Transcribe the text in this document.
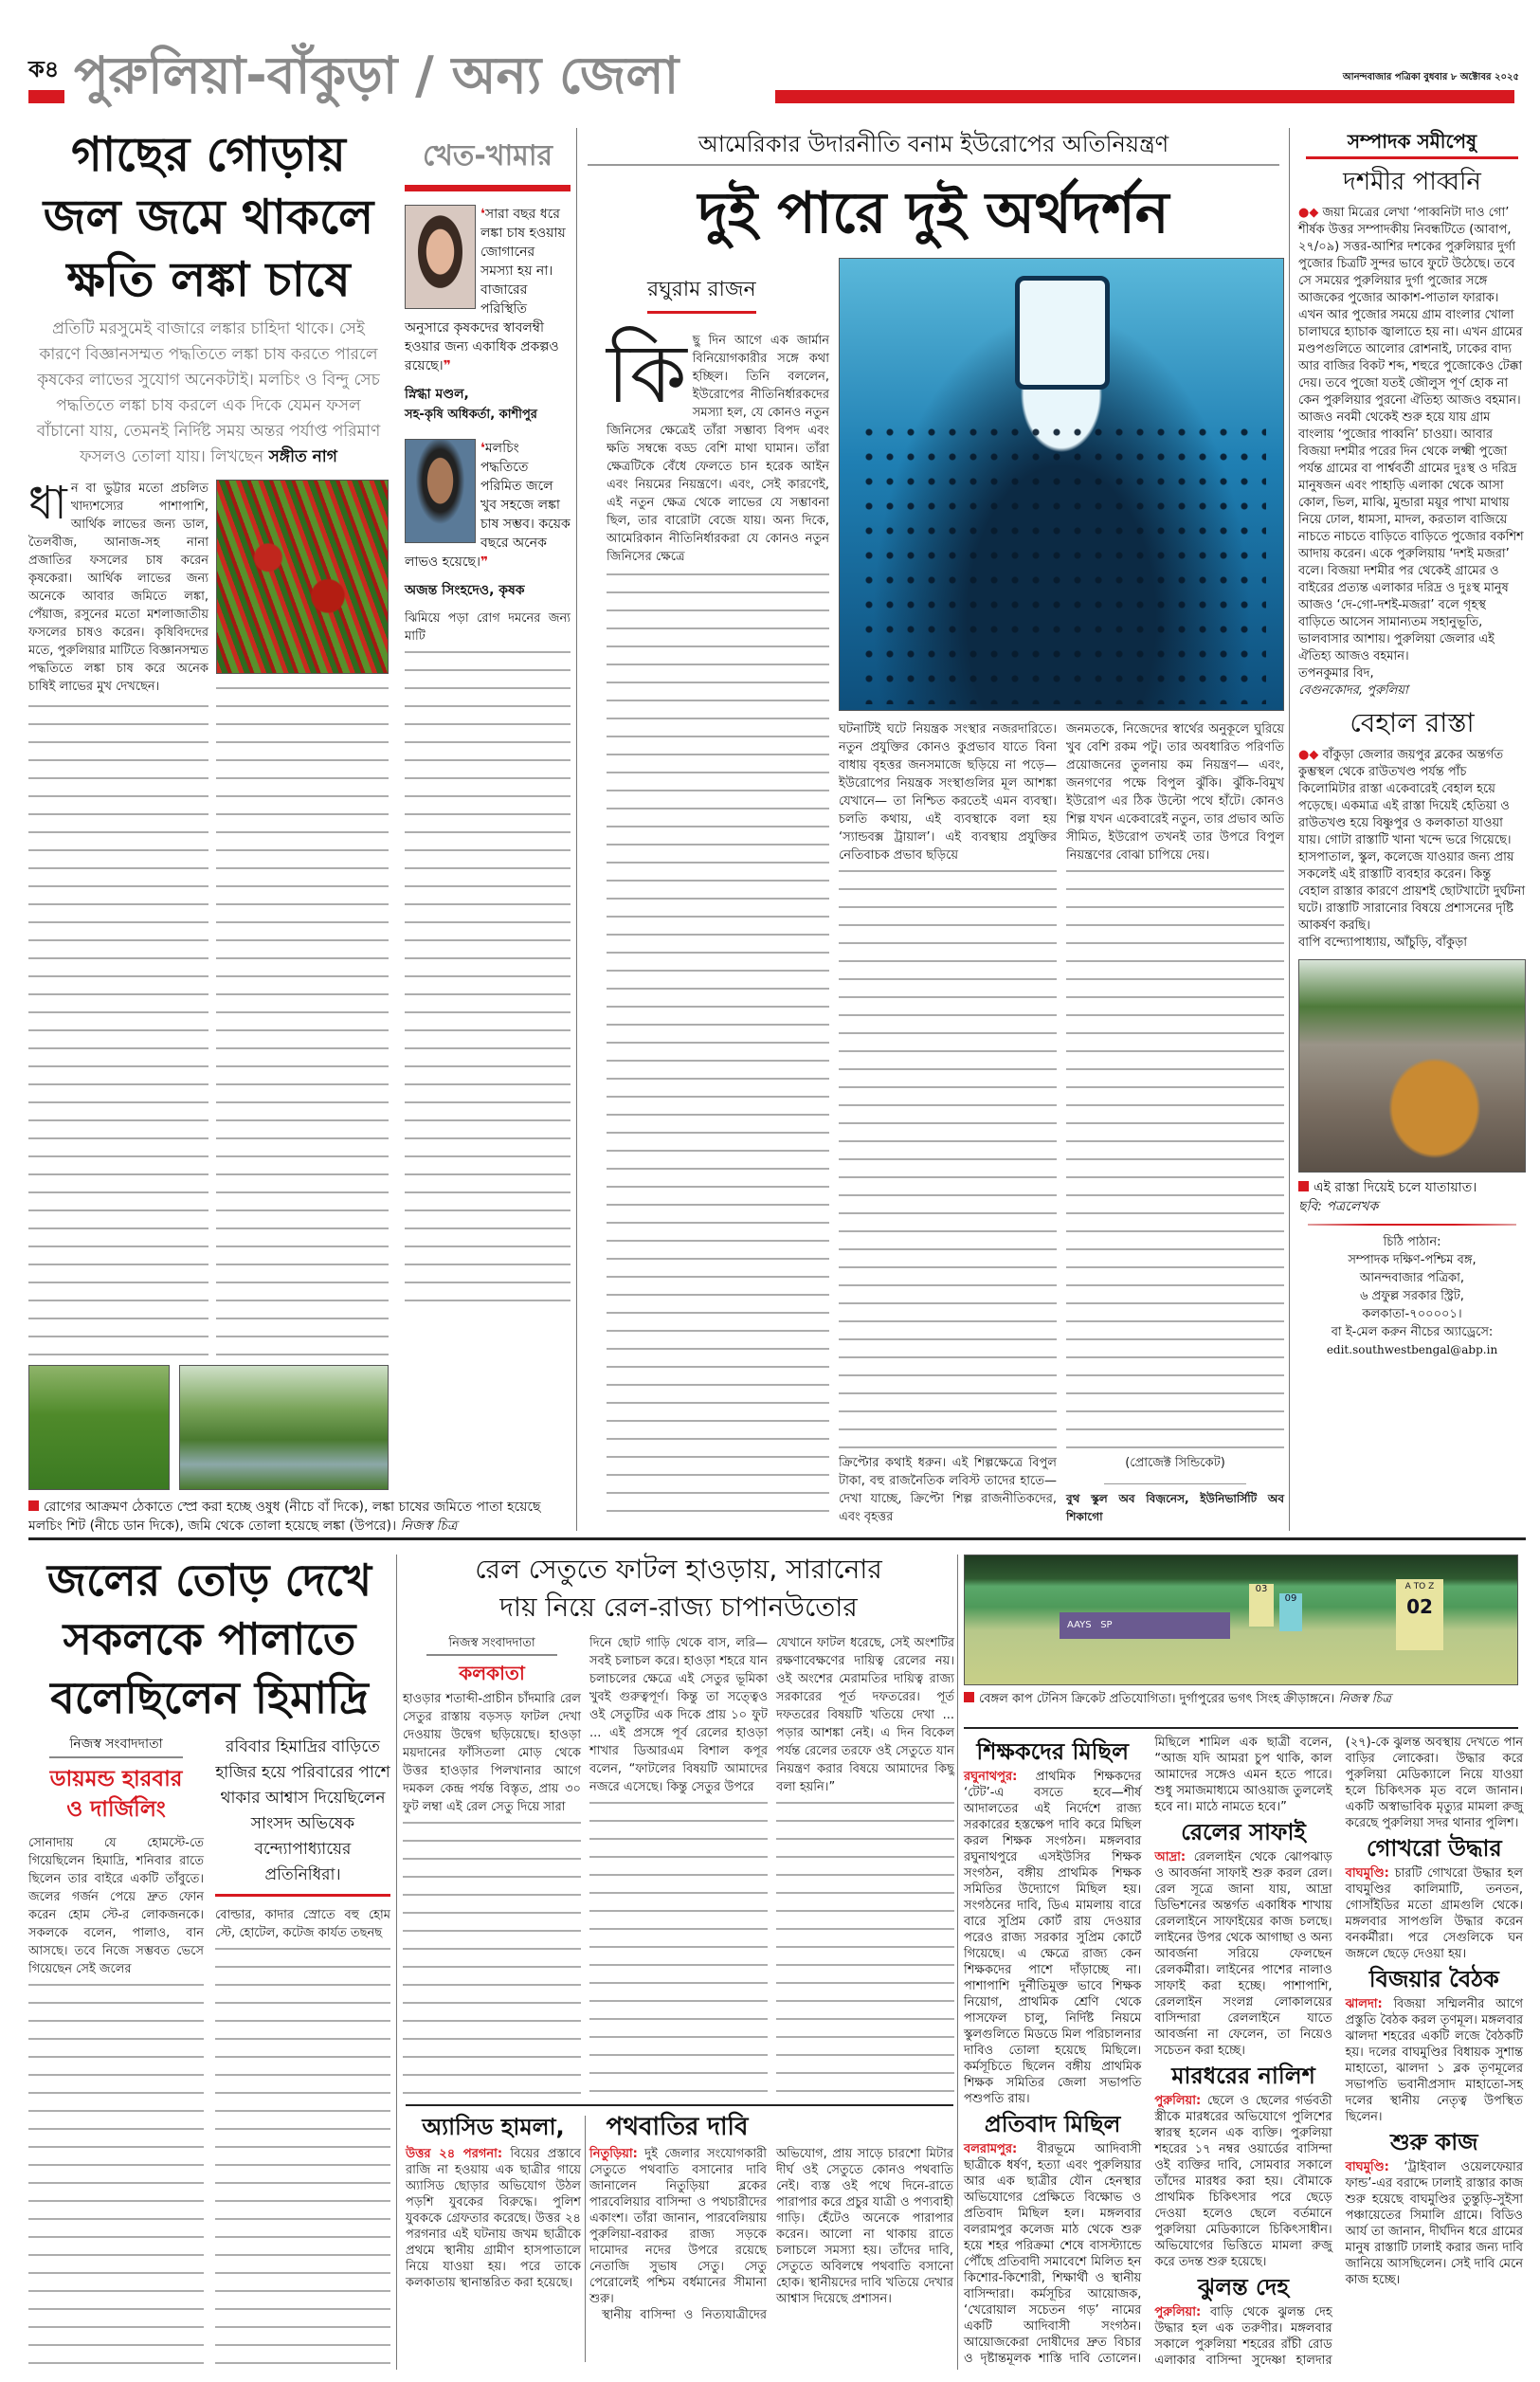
ক৪ পুরুলিয়া-বাঁকুড়া / অন্য জেলা	আনন্দবাজার পত্রিকা বুধবার ৮ অক্টোবর ২০২৫
গাছের গোড়ায়
জল জমে থাকলে
ক্ষতি লঙ্কা চাষে
প্রতিটি মরসুমেই বাজারে লঙ্কার চাহিদা থাকে। সেই কারণে বিজ্ঞানসম্মত পদ্ধতিতে লঙ্কা চাষ করতে পারলে কৃষকের লাভের সুযোগ অনেকটাই। মলচিং ও বিন্দু সেচ পদ্ধতিতে লঙ্কা চাষ করলে এক দিকে যেমন ফসল বাঁচানো যায়, তেমনই নির্দিষ্ট সময় অন্তর পর্যাপ্ত পরিমাণ ফসলও তোলা যায়। লিখছেন সঙ্গীত নাগ
ধান বা ভুট্টার মতো প্রচলিত খাদ্যশস্যের পাশাপাশি, আর্থিক লাভের জন্য ডাল, তৈলবীজ, আনাজ-সহ নানা প্রজাতির ফসলের চাষ করেন কৃষকেরা। আর্থিক লাভের জন্য অনেকে আবার জমিতে লঙ্কা, পেঁয়াজ, রসুনের মতো মশলাজাতীয় ফসলের চাষও করেন। কৃষিবিদদের মতে, পুরুলিয়ার মাটিতে বিজ্ঞানসম্মত পদ্ধতিতে লঙ্কা চাষ করে অনেক চাষিই লাভের মুখ দেখছেন।
রোগের আক্রমণ ঠেকাতে স্প্রে করা হচ্ছে ওষুধ (নীচে বাঁ দিকে), লঙ্কা চাষের জমিতে পাতা হয়েছে মলচিং শিট (নীচে ডান দিকে), জমি থেকে তোলা হয়েছে লঙ্কা (উপরে)। নিজস্ব চিত্র
খেত-খামার
❛সারা বছর ধরে লঙ্কা চাষ হওয়ায় জোগানের সমস্যা হয় না। বাজারের পরিস্থিতি অনুসারে কৃষকদের স্বাবলম্বী হওয়ার জন্য একাধিক প্রকল্পও রয়েছে।❞
স্নিগ্ধা মণ্ডল,
সহ-কৃষি অধিকর্তা, কাশীপুর
❛মলচিং পদ্ধতিতে পরিমিত জলে খুব সহজে লঙ্কা চাষ সম্ভব। কয়েক বছরে অনেক লাভও হয়েছে।❞
অজন্ত সিংহদেও, কৃষক
ঝিমিয়ে পড়া রোগ দমনের জন্য মাটি
আমেরিকার উদারনীতি বনাম ইউরোপের অতিনিয়ন্ত্রণ
দুই পারে দুই অর্থদর্শন
রঘুরাম রাজন
কিছু দিন আগে এক জার্মান বিনিয়োগকারীর সঙ্গে কথা হচ্ছিল। তিনি বললেন, ইউরোপের নীতিনির্ধারকদের সমস্যা হল, যে কোনও নতুন জিনিসের ক্ষেত্রেই তাঁরা সম্ভাব্য বিপদ এবং ক্ষতি সম্বন্ধে বড্ড বেশি মাথা ঘামান। তাঁরা ক্ষেত্রটিকে বেঁধে ফেলতে চান হরেক আইন এবং নিয়মের নিয়ন্ত্রণে। এবং, সেই কারণেই, এই নতুন ক্ষেত্র থেকে লাভের যে সম্ভাবনা ছিল, তার বারোটা বেজে যায়। অন্য দিকে, আমেরিকান নীতিনির্ধারকরা যে কোনও নতুন জিনিসের ক্ষেত্রে
ঘটনাটিই ঘটে নিয়ন্ত্রক সংস্থার নজরদারিতে। নতুন প্রযুক্তির কোনও কুপ্রভাব যাতে বিনা বাধায় বৃহত্তর জনসমাজে ছড়িয়ে না পড়ে— ইউরোপের নিয়ন্ত্রক সংস্থাগুলির মূল আশঙ্কা যেখানে— তা নিশ্চিত করতেই এমন ব্যবস্থা। চলতি কথায়, এই ব্যবস্থাকে বলা হয় ‘স্যান্ডবক্স ট্রায়াল’। এই ব্যবস্থায় প্রযুক্তির নেতিবাচক প্রভাব ছড়িয়ে
ক্রিপ্টোর কথাই ধরুন। এই শিল্পক্ষেত্রে বিপুল টাকা, বহু রাজনৈতিক লবিস্ট তাদের হাতে— দেখা যাচ্ছে, ক্রিপ্টো শিল্প রাজনীতিকদের, এবং বৃহত্তর
জনমতকে, নিজেদের স্বার্থের অনুকূলে ঘুরিয়ে খুব বেশি রকম পটু। তার অবধারিত পরিণতি প্রয়োজনের তুলনায় কম নিয়ন্ত্রণ— এবং, জনগণের পক্ষে বিপুল ঝুঁকি। ঝুঁকি-বিমুখ ইউরোপ এর ঠিক উল্টো পথে হাঁটে। কোনও শিল্প যখন একেবারেই নতুন, তার প্রভাব অতি সীমিত, ইউরোপ তখনই তার উপরে বিপুল নিয়ন্ত্রণের বোঝা চাপিয়ে দেয়।
(প্রোজেক্ট সিন্ডিকেট)
বুথ স্কুল অব বিজ়নেস, ইউনিভার্সিটি অব শিকাগো
সম্পাদক সমীপেষু
দশমীর পাব্বনি
●◆ জয়া মিত্রের লেখা ‘পাব্বনিটা দাও গো’ শীর্ষক উত্তর সম্পাদকীয় নিবন্ধটিতে (আবাপ, ২৭/০৯) সত্তর-আশির দশকের পুরুলিয়ার দুর্গা পুজোর চিত্রটি সুন্দর ভাবে ফুটে উঠেছে। তবে সে সময়ের পুরুলিয়ার দুর্গা পুজোর সঙ্গে আজকের পুজোর আকাশ-পাতাল ফারাক। এখন আর পুজোর সময়ে গ্রাম বাংলার খোলা চালাঘরে হ্যাচাক জ্বালাতে হয় না। এখন গ্রামের মণ্ডপগুলিতে আলোর রোশনাই, ঢাকের বাদ্য আর বাজির বিকট শব্দ, শহুরে পুজোকেও টেক্কা দেয়। তবে পুজো যতই জৌলুস পূর্ণ হোক না কেন পুরুলিয়ার পুরনো ঐতিহ্য আজও বহমান। আজও নবমী থেকেই শুরু হয়ে যায় গ্রাম বাংলায় ‘পুজোর পাব্বনি’ চাওয়া। আবার বিজয়া দশমীর পরের দিন থেকে লক্ষ্মী পুজো পর্যন্ত গ্রামের বা পার্শ্ববর্তী গ্রামের দুঃস্থ ও দরিদ্র মানুষজন এবং পাহাড়ি এলাকা থেকে আসা কোল, ভিল, মাঝি, মুন্ডারা ময়ূর পাখা মাথায় নিয়ে ঢোল, ধামসা, মাদল, করতাল বাজিয়ে নাচতে নাচতে বাড়িতে বাড়িতে পুজোর বকশিশ আদায় করেন। একে পুরুলিয়ায় ‘দশই মজরা’ বলে। বিজয়া দশমীর পর থেকেই গ্রামের ও বাইরের প্রত্যন্ত এলাকার দরিদ্র ও দুঃস্থ মানুষ আজও ‘দে-গো-দশই-মজরা’ বলে গৃহস্থ বাড়িতে আসেন সামান্যতম সহানুভূতি, ভালবাসার আশায়। পুরুলিয়া জেলার এই ঐতিহ্য আজও বহমান।
তপনকুমার বিদ,
বেগুনকোদর, পুরুলিয়া
বেহাল রাস্তা
●◆ বাঁকুড়া জেলার জয়পুর ব্লকের অন্তর্গত কুম্ভস্থল থেকে রাউতখণ্ড পর্যন্ত পাঁচ কিলোমিটার রাস্তা একেবারেই বেহাল হয়ে পড়েছে। একমাত্র এই রাস্তা দিয়েই হেতিয়া ও রাউতখণ্ড হয়ে বিষ্ণুপুর ও কলকাতা যাওয়া যায়। গোটা রাস্তাটি খানা খন্দে ভরে গিয়েছে। হাসপাতাল, স্কুল, কলেজে যাওয়ার জন্য প্রায় সকলেই এই রাস্তাটি ব্যবহার করেন। কিন্তু বেহাল রাস্তার কারণে প্রায়শই ছোটখাটো দুর্ঘটনা ঘটে। রাস্তাটি সারানোর বিষয়ে প্রশাসনের দৃষ্টি আকর্ষণ করছি।
বাপি বন্দ্যোপাধ্যায়, আঁচুড়ি, বাঁকুড়া
এই রাস্তা দিয়েই চলে যাতায়াত।
ছবি: পত্রলেখক
চিঠি পাঠান:
সম্পাদক দক্ষিণ-পশ্চিম বঙ্গ,
আনন্দবাজার পত্রিকা,
৬ প্রফুল্ল সরকার স্ট্রিট,
কলকাতা-৭০০০০১।
বা ই-মেল করুন নীচের অ্যাড্রেসে:
edit.southwestbengal@abp.in
জলের তোড় দেখে
সকলকে পালাতে
বলেছিলেন হিমাদ্রি
নিজস্ব সংবাদদাতা
ডায়মন্ড হারবার
ও দার্জিলিং
সোনাদায় যে হোমস্টে-তে গিয়েছিলেন হিমাদ্রি, শনিবার রাতে ছিলেন তার বাইরে একটি তাঁবুতে। জলের গর্জন পেয়ে দ্রুত ফোন করেন হোম স্টে-র লোকজনকে। সকলকে বলেন, পালাও, বান আসছে। তবে নিজে সম্ভবত ভেসে গিয়েছেন সেই জলের
রবিবার হিমাদ্রির বাড়িতে হাজির হয়ে পরিবারের পাশে থাকার আশ্বাস দিয়েছিলেন সাংসদ অভিষেক বন্দ্যোপাধ্যায়ের প্রতিনিধিরা।
বোল্ডার, কাদার স্রোতে বহু হোম স্টে, হোটেল, কটেজ কার্যত তছনছ
রেল সেতুতে ফাটল হাওড়ায়, সারানোর
দায় নিয়ে রেল-রাজ্য চাপানউতোর
নিজস্ব সংবাদদাতা
কলকাতা
হাওড়ার শতাব্দী-প্রাচীন চাঁদমারি রেল সেতুর রাস্তায় বড়সড় ফাটল দেখা দেওয়ায় উদ্বেগ ছড়িয়েছে। হাওড়া ময়দানের ফাঁসিতলা মোড় থেকে উত্তর হাওড়ার পিলখানার আগে দমকল কেন্দ্র পর্যন্ত বিস্তৃত, প্রায় ৩০ ফুট লম্বা এই রেল সেতু দিয়ে সারা
দিনে ছোট গাড়ি থেকে বাস, লরি— সবই চলাচল করে। হাওড়া শহরে যান চলাচলের ক্ষেত্রে এই সেতুর ভূমিকা খুবই গুরুত্বপূর্ণ। কিন্তু তা সত্ত্বেও ওই সেতুটির এক দিকে প্রায় ১০ ফুট ... এই প্রসঙ্গে পূর্ব রেলের হাওড়া শাখার ডিআরএম বিশাল কপূর বলেন, “ফাটলের বিষয়টি আমাদের নজরে এসেছে। কিন্তু সেতুর উপরে
যেখানে ফাটল ধরেছে, সেই অংশটির রক্ষণাবেক্ষণের দায়িত্ব রেলের নয়। ওই অংশের মেরামতির দায়িত্ব রাজ্য সরকারের পূর্ত দফতরের। পূর্ত দফতরের বিষয়টি খতিয়ে দেখা ... পড়ার আশঙ্কা নেই। এ দিন বিকেল পর্যন্ত রেলের তরফে ওই সেতুতে যান নিয়ন্ত্রণ করার বিষয়ে আমাদের কিছু বলা হয়নি।”
অ্যাসিড হামলা,
উত্তর ২৪ পরগনা: বিয়ের প্রস্তাবে রাজি না হওয়ায় এক ছাত্রীর গায়ে অ্যাসিড ছোড়ার অভিযোগ উঠল পড়শি যুবকের বিরুদ্ধে। পুলিশ যুবককে গ্রেফতার করেছে। উত্তর ২৪ পরগনার এই ঘটনায় জখম ছাত্রীকে প্রথমে স্থানীয় গ্রামীণ হাসপাতালে নিয়ে যাওয়া হয়। পরে তাকে কলকাতায় স্থানান্তরিত করা হয়েছে।
পথবাতির দাবি
নিতুড়িয়া: দুই জেলার সংযোগকারী সেতুতে পথবাতি বসানোর দাবি জানালেন নিতুড়িয়া ব্লকের পারবেলিয়ার বাসিন্দা ও পথচারীদের একাংশ। তাঁরা জানান, পারবেলিয়ায় পুরুলিয়া-বরাকর রাজ্য সড়কে দামোদর নদের উপরে রয়েছে নেতাজি সুভাষ সেতু। সেতু পেরোলেই পশ্চিম বর্ধমানের সীমানা শুরু।
 স্থানীয় বাসিন্দা ও নিত্যযাত্রীদের অভিযোগ, প্রায় সাড়ে চারশো মিটার দীর্ঘ ওই সেতুতে কোনও পথবাতি নেই। ব্যস্ত ওই পথে দিনে-রাতে পারাপার করে প্রচুর যাত্রী ও পণ্যবাহী গাড়ি। হেঁটেও অনেকে পারাপার করেন। আলো না থাকায় রাতে চলাচলে সমস্যা হয়। তাঁদের দাবি, সেতুতে অবিলম্বে পথবাতি বসানো হোক। স্থানীয়দের দাবি খতিয়ে দেখার আশ্বাস দিয়েছে প্রশাসন।
AAYS SP
03
09
A TO Z
02
বেঙ্গল কাপ টেনিস ক্রিকেট প্রতিযোগিতা। দুর্গাপুরের ভগৎ সিংহ ক্রীড়াঙ্গনে। নিজস্ব চিত্র
শিক্ষকদের মিছিল
রঘুনাথপুর: প্রাথমিক শিক্ষকদের ‘টেট’-এ বসতে হবে—শীর্ষ আদালতের এই নির্দেশে রাজ্য সরকারের হস্তক্ষেপ দাবি করে মিছিল করল শিক্ষক সংগঠন। মঙ্গলবার রঘুনাথপুরে এসইউসির শিক্ষক সংগঠন, বঙ্গীয় প্রাথমিক শিক্ষক সমিতির উদ্যোগে মিছিল হয়। সংগঠনের দাবি, ডিএ মামলায় বারে বারে সুপ্রিম কোর্ট রায় দেওয়ার পরেও রাজ্য সরকার সুপ্রিম কোর্টে গিয়েছে। এ ক্ষেত্রে রাজ্য কেন শিক্ষকদের পাশে দাঁড়াচ্ছে না। পাশাপাশি দুর্নীতিমুক্ত ভাবে শিক্ষক নিয়োগ, প্রাথমিক শ্রেণি থেকে পাসফেল চালু, নির্দিষ্ট নিয়মে স্কুলগুলিতে মিডডে মিল পরিচালনার দাবিও তোলা হয়েছে মিছিলে। কর্মসূচিতে ছিলেন বঙ্গীয় প্রাথমিক শিক্ষক সমিতির জেলা সভাপতি পশুপতি রায়।
প্রতিবাদ মিছিল
বলরামপুর: বীরভূমে আদিবাসী ছাত্রীকে ধর্ষণ, হত্যা এবং পুরুলিয়ার আর এক ছাত্রীর যৌন হেনস্থার অভিযোগের প্রেক্ষিতে বিক্ষোভ ও প্রতিবাদ মিছিল হল। মঙ্গলবার বলরামপুর কলেজ মাঠ থেকে শুরু হয়ে শহর পরিক্রমা শেষে বাসস্ট্যান্ডে পৌঁছে প্রতিবাদী সমাবেশে মিলিত হন কিশোর-কিশোরী, শিক্ষার্থী ও স্থানীয় বাসিন্দারা। কর্মসূচির আয়োজক, ‘খেরোয়াল সচেতন গড়’ নামের একটি আদিবাসী সংগঠন। আয়োজকেরা দোষীদের দ্রুত বিচার ও দৃষ্টান্তমূলক শাস্তি দাবি তোলেন। মিছিলে শামিল এক ছাত্রী বলেন, “আজ যদি আমরা চুপ থাকি, কাল আমাদের সঙ্গেও এমন হতে পারে। শুধু সমাজমাধ্যমে আওয়াজ তুললেই হবে না। মাঠে নামতে হবে।”
রেলের সাফাই
আদ্রা: রেললাইন থেকে ঝোপঝাড় ও আবর্জনা সাফাই শুরু করল রেল। রেল সূত্রে জানা যায়, আদ্রা ডিভিশনের অন্তর্গত একাধিক শাখায় রেললাইনে সাফাইয়ের কাজ চলছে। লাইনের উপর থেকে আগাছা ও অন্য আবর্জনা সরিয়ে ফেলছেন রেলকর্মীরা। লাইনের পাশের নালাও সাফাই করা হচ্ছে। পাশাপাশি, রেললাইন সংলগ্ন লোকালয়ের বাসিন্দারা রেললাইনে যাতে আবর্জনা না ফেলেন, তা নিয়েও সচেতন করা হচ্ছে।
মারধরের নালিশ
পুরুলিয়া: ছেলে ও ছেলের গর্ভবতী স্ত্রীকে মারধরের অভিযোগে পুলিশের স্বারস্থ হলেন এক ব্যক্তি। পুরুলিয়া শহরের ১৭ নম্বর ওয়ার্ডের বাসিন্দা ওই ব্যক্তির দাবি, সোমবার সকালে তাঁদের মারধর করা হয়। বৌমাকে প্রাথমিক চিকিৎসার পরে ছেড়ে দেওয়া হলেও ছেলে বর্তমানে পুরুলিয়া মেডিক্যালে চিকিৎসাধীন। অভিযোগের ভিত্তিতে মামলা রুজু করে তদন্ত শুরু হয়েছে।
ঝুলন্ত দেহ
পুরুলিয়া: বাড়ি থেকে ঝুলন্ত দেহ উদ্ধার হল এক তরুণীর। মঙ্গলবার সকালে পুরুলিয়া শহরের রাঁচী রোড এলাকার বাসিন্দা সুদেষ্ণা হালদার (২৭)-কে ঝুলন্ত অবস্থায় দেখতে পান বাড়ির লোকেরা। উদ্ধার করে পুরুলিয়া মেডিক্যালে নিয়ে যাওয়া হলে চিকিৎসক মৃত বলে জানান। একটি অস্বাভাবিক মৃত্যুর মামলা রুজু করেছে পুরুলিয়া সদর থানার পুলিশ।
গোখরো উদ্ধার
বাঘমুণ্ডি: চারটি গোখরো উদ্ধার হল বাঘমুণ্ডির কালিমাটি, তনতন, গোসাঁইডির মতো গ্রামগুলি থেকে। মঙ্গলবার সাপগুলি উদ্ধার করেন বনকর্মীরা। পরে সেগুলিকে ঘন জঙ্গলে ছেড়ে দেওয়া হয়।
বিজয়ার বৈঠক
ঝালদা: বিজয়া সম্মিলনীর আগে প্রস্তুতি বৈঠক করল তৃণমূল। মঙ্গলবার ঝালদা শহরের একটি লজে বৈঠকটি হয়। দলের বাঘমুণ্ডির বিধায়ক সুশান্ত মাহাতো, ঝালদা ১ ব্লক তৃণমূলের সভাপতি ভবানীপ্রসাদ মাহাতো-সহ দলের স্থানীয় নেতৃত্ব উপস্থিত ছিলেন।
শুরু কাজ
বাঘমুণ্ডি: ‘ট্রাইবাল ওয়েলফেয়ার ফান্ড’-এর বরাদ্দে ঢালাই রাস্তার কাজ শুরু হয়েছে বাঘমুণ্ডির তুন্তুড়ি-সুইসা পঞ্চায়েতের সিমালি গ্রামে। বিডিও আর্য তা জানান, দীর্ঘদিন ধরে গ্রামের মানুষ রাস্তাটি ঢালাই করার জন্য দাবি জানিয়ে আসছিলেন। সেই দাবি মেনে কাজ হচ্ছে।
